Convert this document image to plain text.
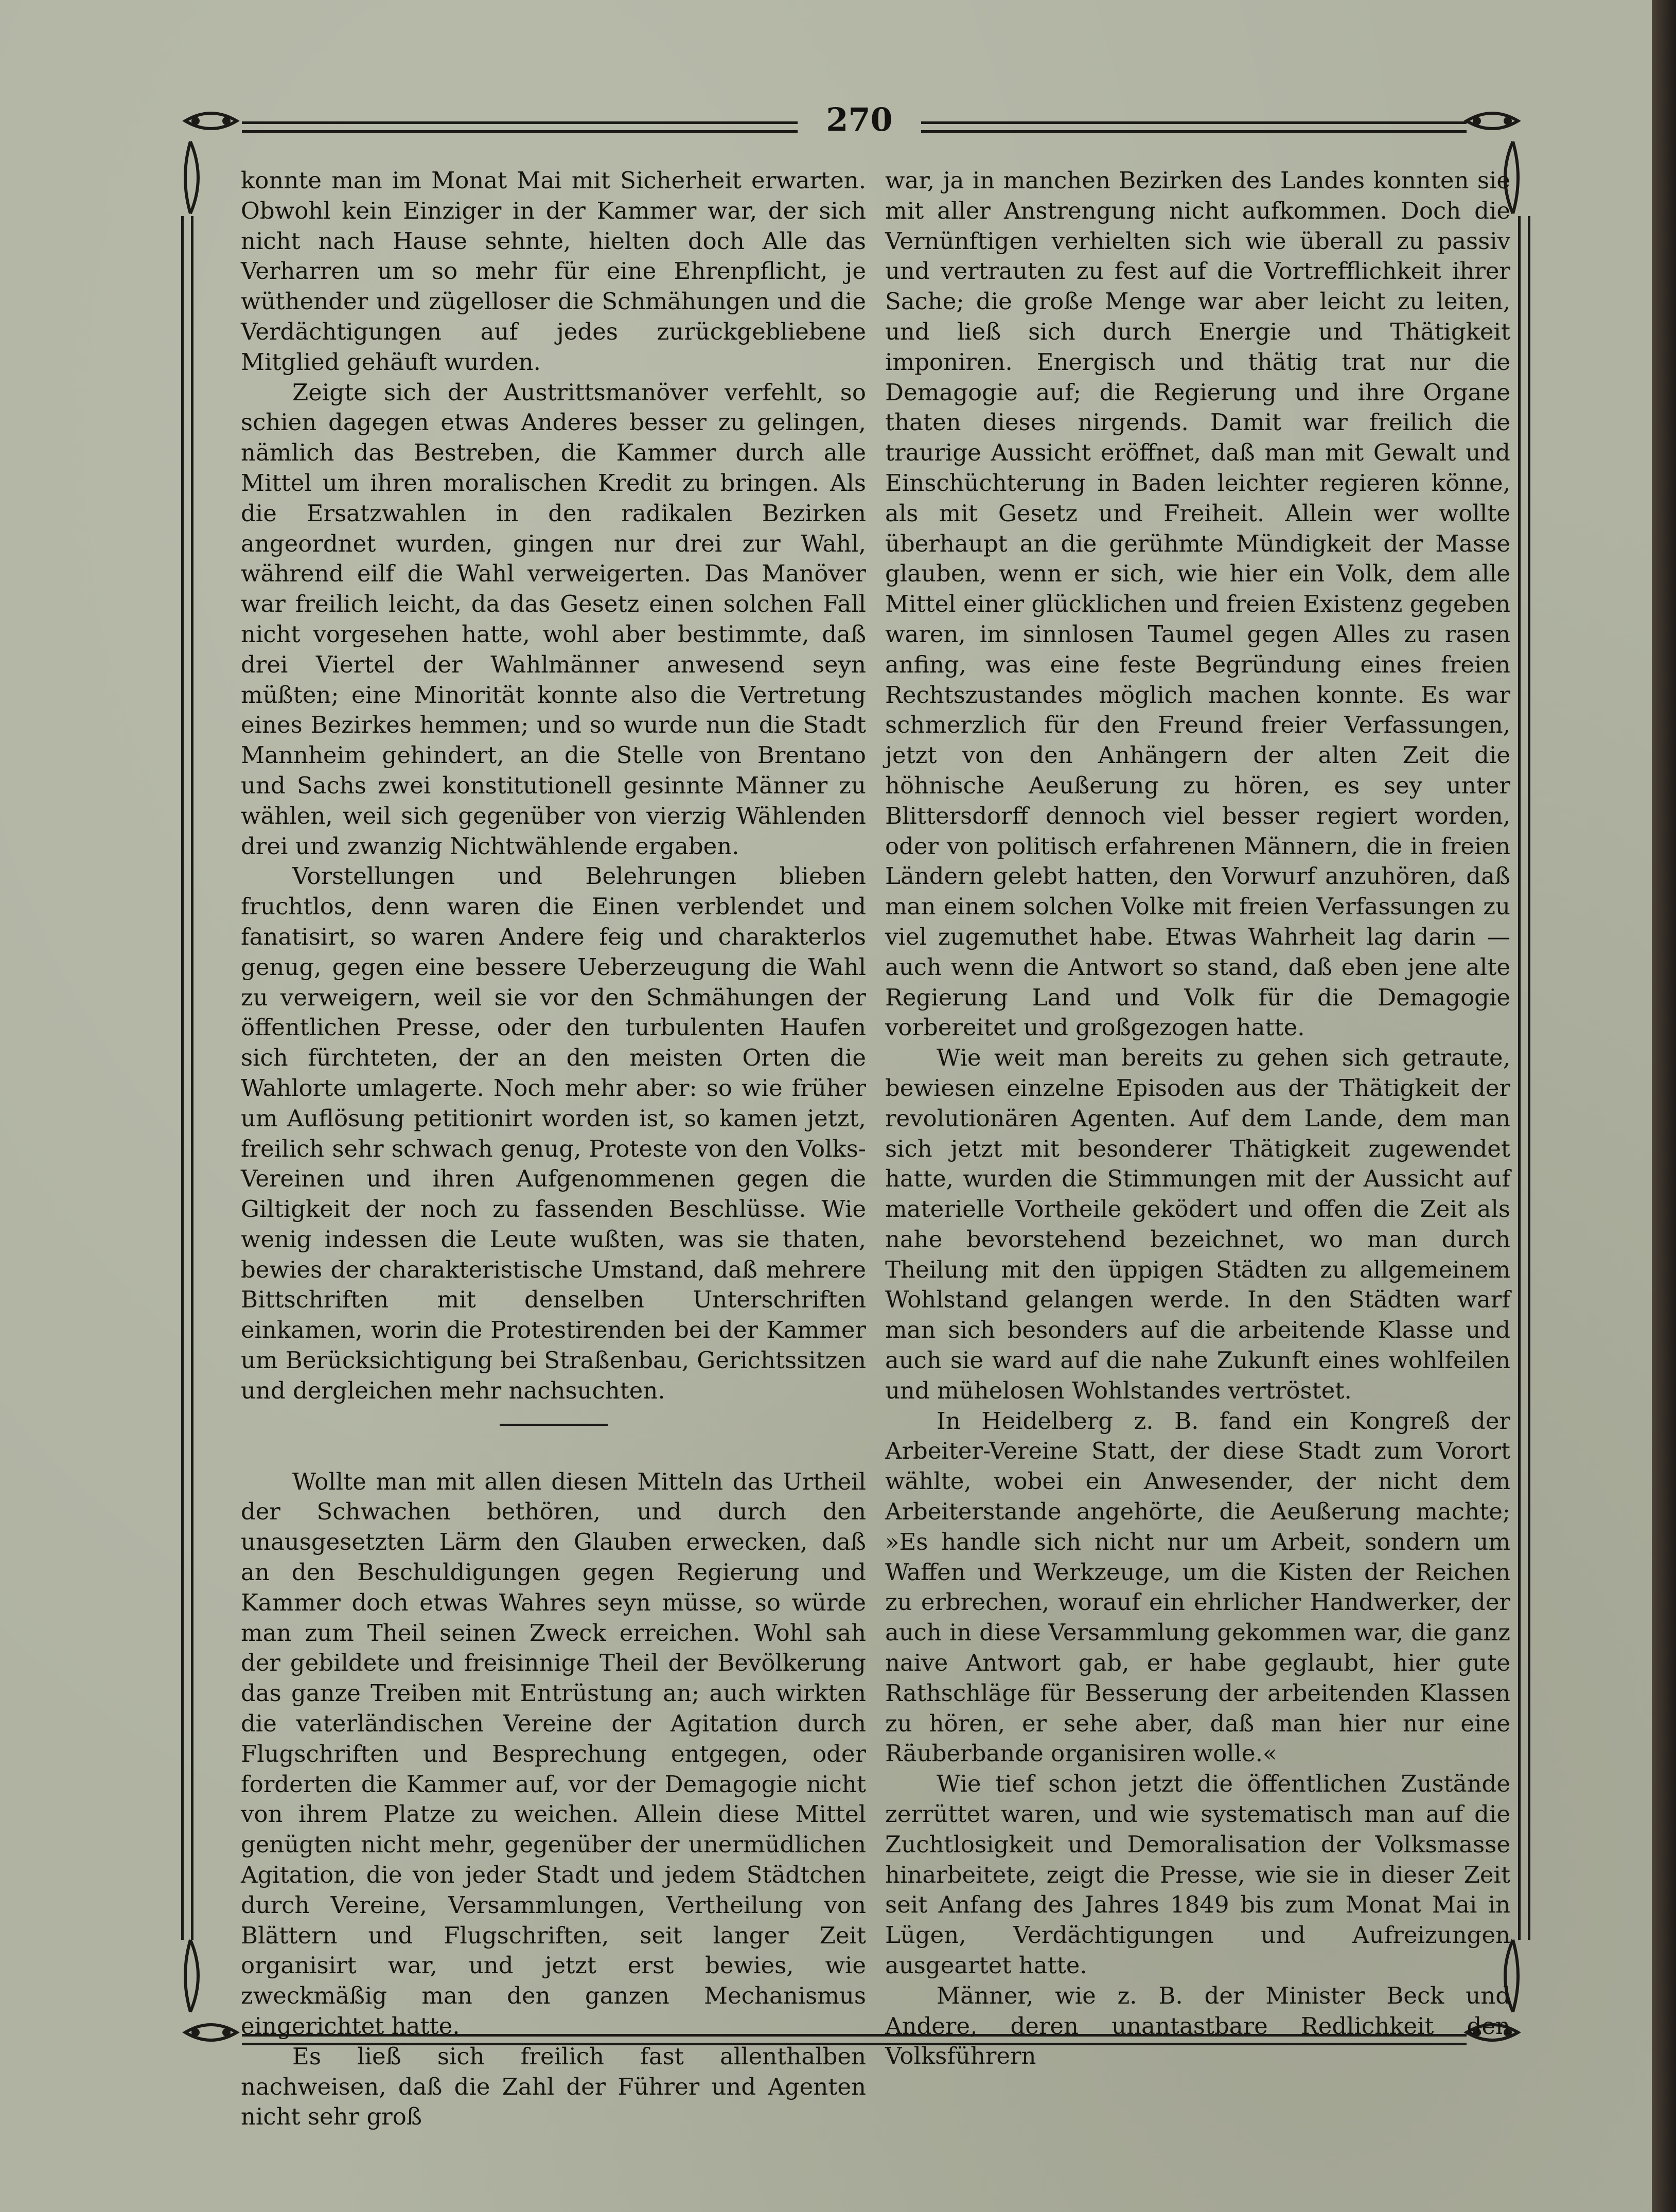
270

konnte man im Monat Mai mit Sicherheit erwarten. Obwohl kein Einziger in der Kammer war, der sich nicht nach Hause sehnte, hielten doch Alle das Verharren um so mehr für eine Ehrenpflicht, je wüthender und zügelloser die Schmähungen und die Verdächtigungen auf jedes zurückgebliebene Mitglied gehäuft wurden.

Zeigte sich der Austrittsmanöver verfehlt, so schien dagegen etwas Anderes besser zu gelingen, nämlich das Bestreben, die Kammer durch alle Mittel um ihren moralischen Kredit zu bringen. Als die Ersatzwahlen in den radikalen Bezirken angeordnet wurden, gingen nur drei zur Wahl, während eilf die Wahl verweigerten. Das Manöver war freilich leicht, da das Gesetz einen solchen Fall nicht vorgesehen hatte, wohl aber bestimmte, daß drei Viertel der Wahlmänner anwesend seyn müßten; eine Minorität konnte also die Vertretung eines Bezirkes hemmen; und so wurde nun die Stadt Mannheim gehindert, an die Stelle von Brentano und Sachs zwei konstitutionell gesinnte Männer zu wählen, weil sich gegenüber von vierzig Wählenden drei und zwanzig Nichtwählende ergaben.

Vorstellungen und Belehrungen blieben fruchtlos, denn waren die Einen verblendet und fanatisirt, so waren Andere feig und charakterlos genug, gegen eine bessere Ueberzeugung die Wahl zu verweigern, weil sie vor den Schmähungen der öffentlichen Presse, oder den turbulenten Haufen sich fürchteten, der an den meisten Orten die Wahlorte umlagerte. Noch mehr aber: so wie früher um Auflösung petitionirt worden ist, so kamen jetzt, freilich sehr schwach genug, Proteste von den Volks-Vereinen und ihren Aufgenommenen gegen die Giltigkeit der noch zu fassenden Beschlüsse. Wie wenig indessen die Leute wußten, was sie thaten, bewies der charakteristische Umstand, daß mehrere Bittschriften mit denselben Unterschriften einkamen, worin die Protestirenden bei der Kammer um Berücksichtigung bei Straßenbau, Gerichtssitzen und dergleichen mehr nachsuchten.

Wollte man mit allen diesen Mitteln das Urtheil der Schwachen bethören, und durch den unausgesetzten Lärm den Glauben erwecken, daß an den Beschuldigungen gegen Regierung und Kammer doch etwas Wahres seyn müsse, so würde man zum Theil seinen Zweck erreichen. Wohl sah der gebildete und freisinnige Theil der Bevölkerung das ganze Treiben mit Entrüstung an; auch wirkten die vaterländischen Vereine der Agitation durch Flugschriften und Besprechung entgegen, oder forderten die Kammer auf, vor der Demagogie nicht von ihrem Platze zu weichen. Allein diese Mittel genügten nicht mehr, gegenüber der unermüdlichen Agitation, die von jeder Stadt und jedem Städtchen durch Vereine, Versammlungen, Vertheilung von Blättern und Flugschriften, seit langer Zeit organisirt war, und jetzt erst bewies, wie zweckmäßig man den ganzen Mechanismus eingerichtet hatte.

Es ließ sich freilich fast allenthalben nachweisen, daß die Zahl der Führer und Agenten nicht sehr groß

war, ja in manchen Bezirken des Landes konnten sie mit aller Anstrengung nicht aufkommen. Doch die Vernünftigen verhielten sich wie überall zu passiv und vertrauten zu fest auf die Vortrefflichkeit ihrer Sache; die große Menge war aber leicht zu leiten, und ließ sich durch Energie und Thätigkeit imponiren. Energisch und thätig trat nur die Demagogie auf; die Regierung und ihre Organe thaten dieses nirgends. Damit war freilich die traurige Aussicht eröffnet, daß man mit Gewalt und Einschüchterung in Baden leichter regieren könne, als mit Gesetz und Freiheit. Allein wer wollte überhaupt an die gerühmte Mündigkeit der Masse glauben, wenn er sich, wie hier ein Volk, dem alle Mittel einer glücklichen und freien Existenz gegeben waren, im sinnlosen Taumel gegen Alles zu rasen anfing, was eine feste Begründung eines freien Rechtszustandes möglich machen konnte. Es war schmerzlich für den Freund freier Verfassungen, jetzt von den Anhängern der alten Zeit die höhnische Aeußerung zu hören, es sey unter Blittersdorff dennoch viel besser regiert worden, oder von politisch erfahrenen Männern, die in freien Ländern gelebt hatten, den Vorwurf anzuhören, daß man einem solchen Volke mit freien Verfassungen zu viel zugemuthet habe. Etwas Wahrheit lag darin — auch wenn die Antwort so stand, daß eben jene alte Regierung Land und Volk für die Demagogie vorbereitet und großgezogen hatte.

Wie weit man bereits zu gehen sich getraute, bewiesen einzelne Episoden aus der Thätigkeit der revolutionären Agenten. Auf dem Lande, dem man sich jetzt mit besonderer Thätigkeit zugewendet hatte, wurden die Stimmungen mit der Aussicht auf materielle Vortheile geködert und offen die Zeit als nahe bevorstehend bezeichnet, wo man durch Theilung mit den üppigen Städten zu allgemeinem Wohlstand gelangen werde. In den Städten warf man sich besonders auf die arbeitende Klasse und auch sie ward auf die nahe Zukunft eines wohlfeilen und mühelosen Wohlstandes vertröstet.

In Heidelberg z. B. fand ein Kongreß der Arbeiter-Vereine Statt, der diese Stadt zum Vorort wählte, wobei ein Anwesender, der nicht dem Arbeiterstande angehörte, die Aeußerung machte; »Es handle sich nicht nur um Arbeit, sondern um Waffen und Werkzeuge, um die Kisten der Reichen zu erbrechen, worauf ein ehrlicher Handwerker, der auch in diese Versammlung gekommen war, die ganz naive Antwort gab, er habe geglaubt, hier gute Rathschläge für Besserung der arbeitenden Klassen zu hören, er sehe aber, daß man hier nur eine Räuberbande organisiren wolle.«

Wie tief schon jetzt die öffentlichen Zustände zerrüttet waren, und wie systematisch man auf die Zuchtlosigkeit und Demoralisation der Volksmasse hinarbeitete, zeigt die Presse, wie sie in dieser Zeit seit Anfang des Jahres 1849 bis zum Monat Mai in Lügen, Verdächtigungen und Aufreizungen ausgeartet hatte.

Männer, wie z. B. der Minister Beck und Andere, deren unantastbare Redlichkeit den Volksführern
